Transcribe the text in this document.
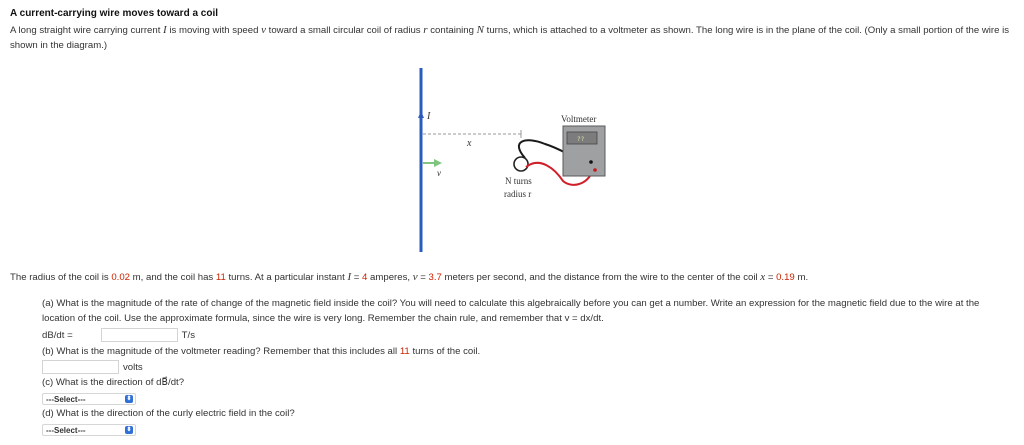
A current-carrying wire moves toward a coil
A long straight wire carrying current I is moving with speed v toward a small circular coil of radius r containing N turns, which is attached to a voltmeter as shown. The long wire is in the plane of the coil. (Only a small portion of the wire is shown in the diagram.)
I
x
v
Voltmeter
??
N turns
radius r
The radius of the coil is 0.02 m, and the coil has 11 turns. At a particular instant I = 4 amperes, v = 3.7 meters per second, and the distance from the wire to the center of the coil x = 0.19 m.
(a) What is the magnitude of the rate of change of the magnetic field inside the coil? You will need to calculate this algebraically before you can get a number. Write an expression for the magnetic field due to the wire at the location of the coil. Use the approximate formula, since the wire is very long. Remember the chain rule, and remember that v = dx/dt.
dB/dt =	T/s
(b) What is the magnitude of the voltmeter reading? Remember that this includes all 11 turns of the coil.
volts
(c) What is the direction of dB⃗/dt?
---Select---	⬍
(d) What is the direction of the curly electric field in the coil?
---Select---	⬍
